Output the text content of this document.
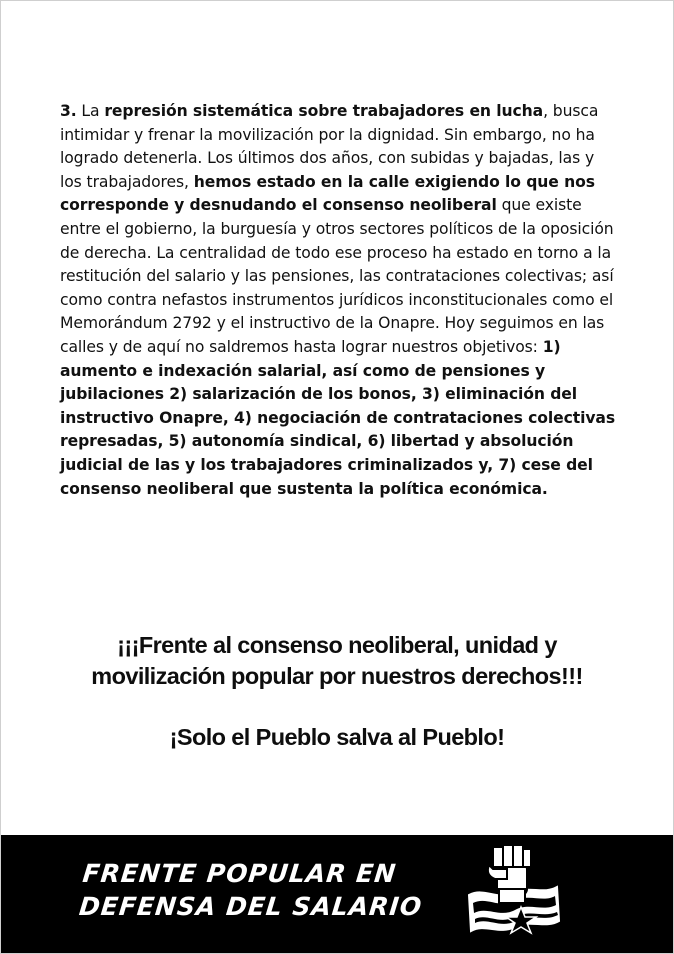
3. La represión sistemática sobre trabajadores en lucha, busca intimidar y frenar la movilización por la dignidad. Sin embargo, no ha logrado detenerla. Los últimos dos años, con subidas y bajadas, las y los trabajadores, hemos estado en la calle exigiendo lo que nos corresponde y desnudando el consenso neoliberal que existe entre el gobierno, la burguesía y otros sectores políticos de la oposición de derecha. La centralidad de todo ese proceso ha estado en torno a la restitución del salario y las pensiones, las contrataciones colectivas; así como contra nefastos instrumentos jurídicos inconstitucionales como el Memorándum 2792 y el instructivo de la Onapre. Hoy seguimos en las calles y de aquí no saldremos hasta lograr nuestros objetivos: 1) aumento e indexación salarial, así como de pensiones y jubilaciones 2) salarización de los bonos, 3) eliminación del instructivo Onapre, 4) negociación de contrataciones colectivas represadas, 5) autonomía sindical, 6) libertad y absolución judicial de las y los trabajadores criminalizados y, 7) cese del consenso neoliberal que sustenta la política económica.
¡¡¡Frente al consenso neoliberal, unidad y
movilización popular por nuestros derechos!!!
¡Solo el Pueblo salva al Pueblo!
FRENTE POPULAR EN
DEFENSA DEL SALARIO
